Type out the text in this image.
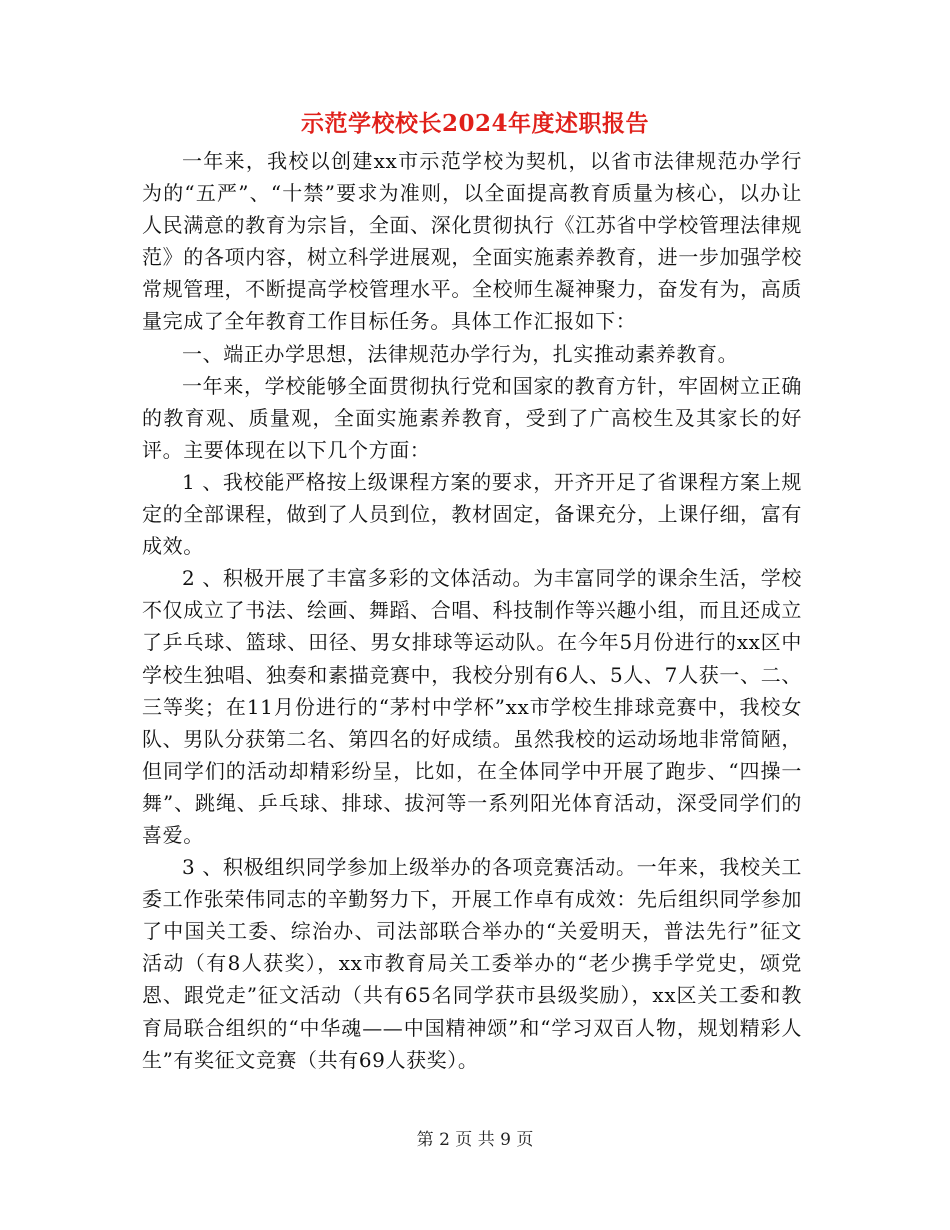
示范学校校长2024年度述职报告

一年来，我校以创建xx市示范学校为契机，以省市法律规范办学行为的“五严”、“十禁”要求为准则，以全面提高教育质量为核心，以办让人民满意的教育为宗旨，全面、深化贯彻执行《江苏省中学校管理法律规范》的各项内容，树立科学进展观，全面实施素养教育，进一步加强学校常规管理，不断提高学校管理水平。全校师生凝神聚力，奋发有为，高质量完成了全年教育工作目标任务。具体工作汇报如下：

一、端正办学思想，法律规范办学行为，扎实推动素养教育。

一年来，学校能够全面贯彻执行党和国家的教育方针，牢固树立正确的教育观、质量观，全面实施素养教育，受到了广高校生及其家长的好评。主要体现在以下几个方面：

1 、我校能严格按上级课程方案的要求，开齐开足了省课程方案上规定的全部课程，做到了人员到位，教材固定，备课充分，上课仔细，富有成效。

2 、积极开展了丰富多彩的文体活动。为丰富同学的课余生活，学校不仅成立了书法、绘画、舞蹈、合唱、科技制作等兴趣小组，而且还成立了乒乓球、篮球、田径、男女排球等运动队。在今年5月份进行的xx区中学校生独唱、独奏和素描竞赛中，我校分别有6人、5人、7人获一、二、三等奖；在11月份进行的“茅村中学杯”xx市学校生排球竞赛中，我校女队、男队分获第二名、第四名的好成绩。虽然我校的运动场地非常简陋，但同学们的活动却精彩纷呈，比如，在全体同学中开展了跑步、“四操一舞”、跳绳、乒乓球、排球、拔河等一系列阳光体育活动，深受同学们的喜爱。

3 、积极组织同学参加上级举办的各项竞赛活动。一年来，我校关工委工作张荣伟同志的辛勤努力下，开展工作卓有成效：先后组织同学参加了中国关工委、综治办、司法部联合举办的“关爱明天，普法先行”征文活动（有8人获奖），xx市教育局关工委举办的“老少携手学党史，颂党恩、跟党走”征文活动（共有65名同学获市县级奖励），xx区关工委和教育局联合组织的“中华魂——中国精神颂”和“学习双百人物，规划精彩人生”有奖征文竞赛（共有69人获奖）。

第 2 页 共 9 页
